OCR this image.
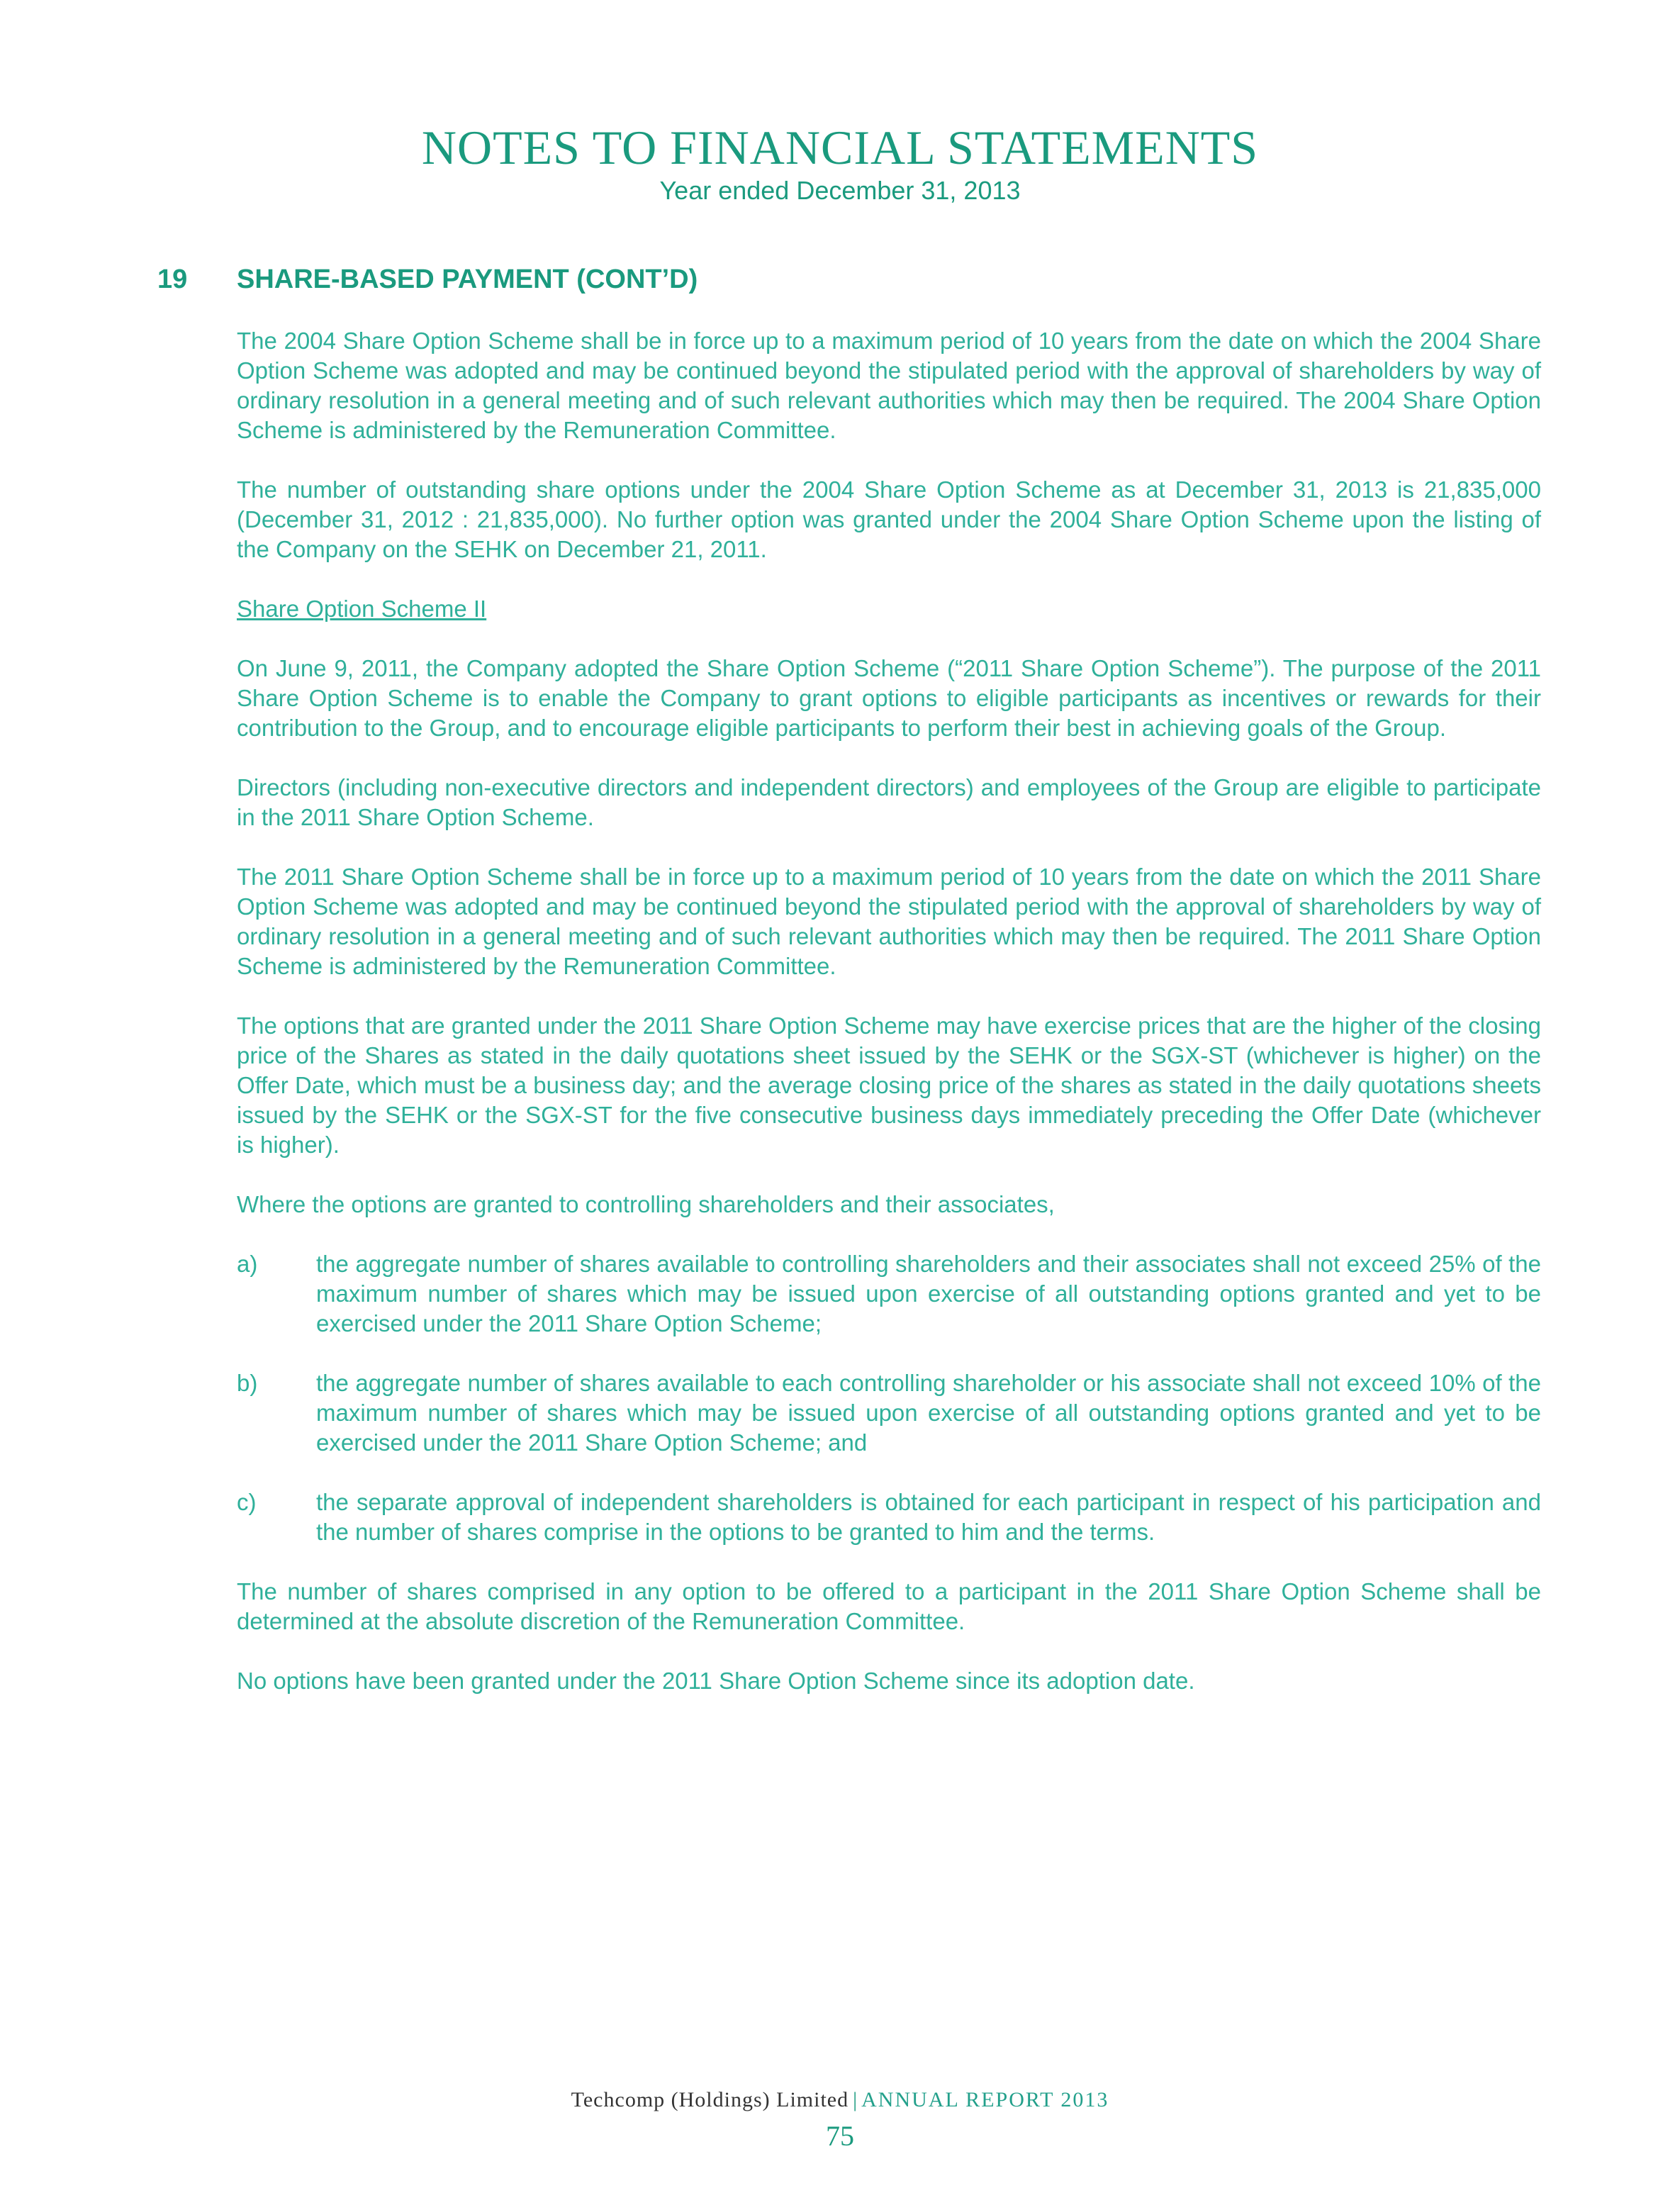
NOTES TO FINANCIAL STATEMENTS
Year ended December 31, 2013
19 SHARE-BASED PAYMENT (CONT’D)

The 2004 Share Option Scheme shall be in force up to a maximum period of 10 years from the date on which the 2004 Share Option Scheme was adopted and may be continued beyond the stipulated period with the approval of shareholders by way of ordinary resolution in a general meeting and of such relevant authorities which may then be required. The 2004 Share Option Scheme is administered by the Remuneration Committee.

The number of outstanding share options under the 2004 Share Option Scheme as at December 31, 2013 is 21,835,000 (December 31, 2012 : 21,835,000). No further option was granted under the 2004 Share Option Scheme upon the listing of the Company on the SEHK on December 21, 2011.

Share Option Scheme II

On June 9, 2011, the Company adopted the Share Option Scheme (“2011 Share Option Scheme”). The purpose of the 2011 Share Option Scheme is to enable the Company to grant options to eligible participants as incentives or rewards for their contribution to the Group, and to encourage eligible participants to perform their best in achieving goals of the Group.

Directors (including non-executive directors and independent directors) and employees of the Group are eligible to participate in the 2011 Share Option Scheme.

The 2011 Share Option Scheme shall be in force up to a maximum period of 10 years from the date on which the 2011 Share Option Scheme was adopted and may be continued beyond the stipulated period with the approval of shareholders by way of ordinary resolution in a general meeting and of such relevant authorities which may then be required. The 2011 Share Option Scheme is administered by the Remuneration Committee.

The options that are granted under the 2011 Share Option Scheme may have exercise prices that are the higher of the closing price of the Shares as stated in the daily quotations sheet issued by the SEHK or the SGX-ST (whichever is higher) on the Offer Date, which must be a business day; and the average closing price of the shares as stated in the daily quotations sheets issued by the SEHK or the SGX-ST for the five consecutive business days immediately preceding the Offer Date (whichever is higher).

Where the options are granted to controlling shareholders and their associates,

a)	the aggregate number of shares available to controlling shareholders and their associates shall not exceed 25% of the maximum number of shares which may be issued upon exercise of all outstanding options granted and yet to be exercised under the 2011 Share Option Scheme;
b)	the aggregate number of shares available to each controlling shareholder or his associate shall not exceed 10% of the maximum number of shares which may be issued upon exercise of all outstanding options granted and yet to be exercised under the 2011 Share Option Scheme; and
c)	the separate approval of independent shareholders is obtained for each participant in respect of his participation and the number of shares comprise in the options to be granted to him and the terms.

The number of shares comprised in any option to be offered to a participant in the 2011 Share Option Scheme shall be determined at the absolute discretion of the Remuneration Committee.

No options have been granted under the 2011 Share Option Scheme since its adoption date.

Techcomp (Holdings) Limited | ANNUAL REPORT 2013
75
